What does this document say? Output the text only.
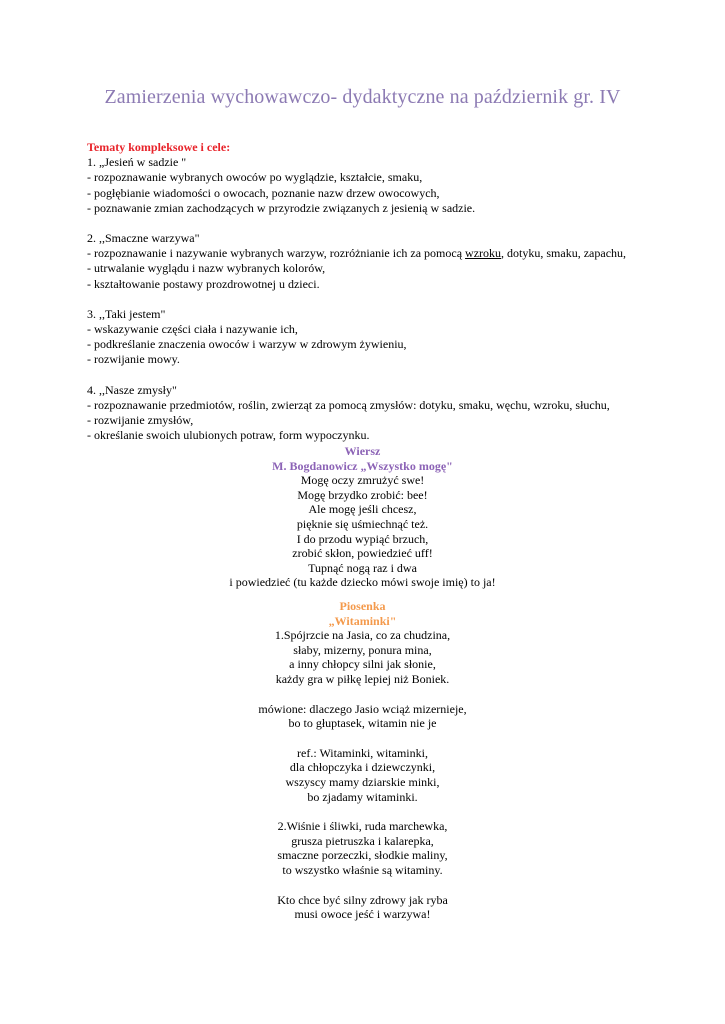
Zamierzenia wychowawczo- dydaktyczne na październik gr. IV
Tematy kompleksowe i cele:
1. „Jesień w sadzie "
- rozpoznawanie wybranych owoców po wyglądzie, kształcie, smaku,
- pogłębianie wiadomości o owocach, poznanie nazw drzew owocowych,
- poznawanie zmian zachodzących w przyrodzie związanych z jesienią w sadzie.
2. ,,Smaczne warzywa"
- rozpoznawanie i nazywanie wybranych warzyw, rozróżnianie ich za pomocą wzroku, dotyku, smaku, zapachu,
- utrwalanie wyglądu i nazw wybranych kolorów,
- kształtowanie postawy prozdrowotnej u dzieci.
3. ,,Taki jestem"
- wskazywanie części ciała i nazywanie ich,
- podkreślanie znaczenia owoców i warzyw w zdrowym żywieniu,
- rozwijanie mowy.
4. ,,Nasze zmysły"
- rozpoznawanie przedmiotów, roślin, zwierząt za pomocą zmysłów: dotyku, smaku, węchu, wzroku, słuchu,
- rozwijanie zmysłów,
- określanie swoich ulubionych potraw, form wypoczynku.
Wiersz
M. Bogdanowicz „Wszystko mogę"
Mogę oczy zmrużyć swe!
Mogę brzydko zrobić: bee!
Ale mogę jeśli chcesz,
pięknie się uśmiechnąć też.
I do przodu wypiąć brzuch,
zrobić skłon, powiedzieć uff!
Tupnąć nogą raz i dwa
i powiedzieć (tu każde dziecko mówi swoje imię) to ja!
Piosenka
„Witaminki"
1.Spójrzcie na Jasia, co za chudzina,
słaby, mizerny, ponura mina,
a inny chłopcy silni jak słonie,
każdy gra w piłkę lepiej niż Boniek.
mówione: dlaczego Jasio wciąż mizernieje,
bo to głuptasek, witamin nie je
ref.: Witaminki, witaminki,
dla chłopczyka i dziewczynki,
wszyscy mamy dziarskie minki,
bo zjadamy witaminki.
2.Wiśnie i śliwki, ruda marchewka,
grusza pietruszka i kalarepka,
smaczne porzeczki, słodkie maliny,
to wszystko właśnie są witaminy.
Kto chce być silny zdrowy jak ryba
musi owoce jeść i warzywa!
